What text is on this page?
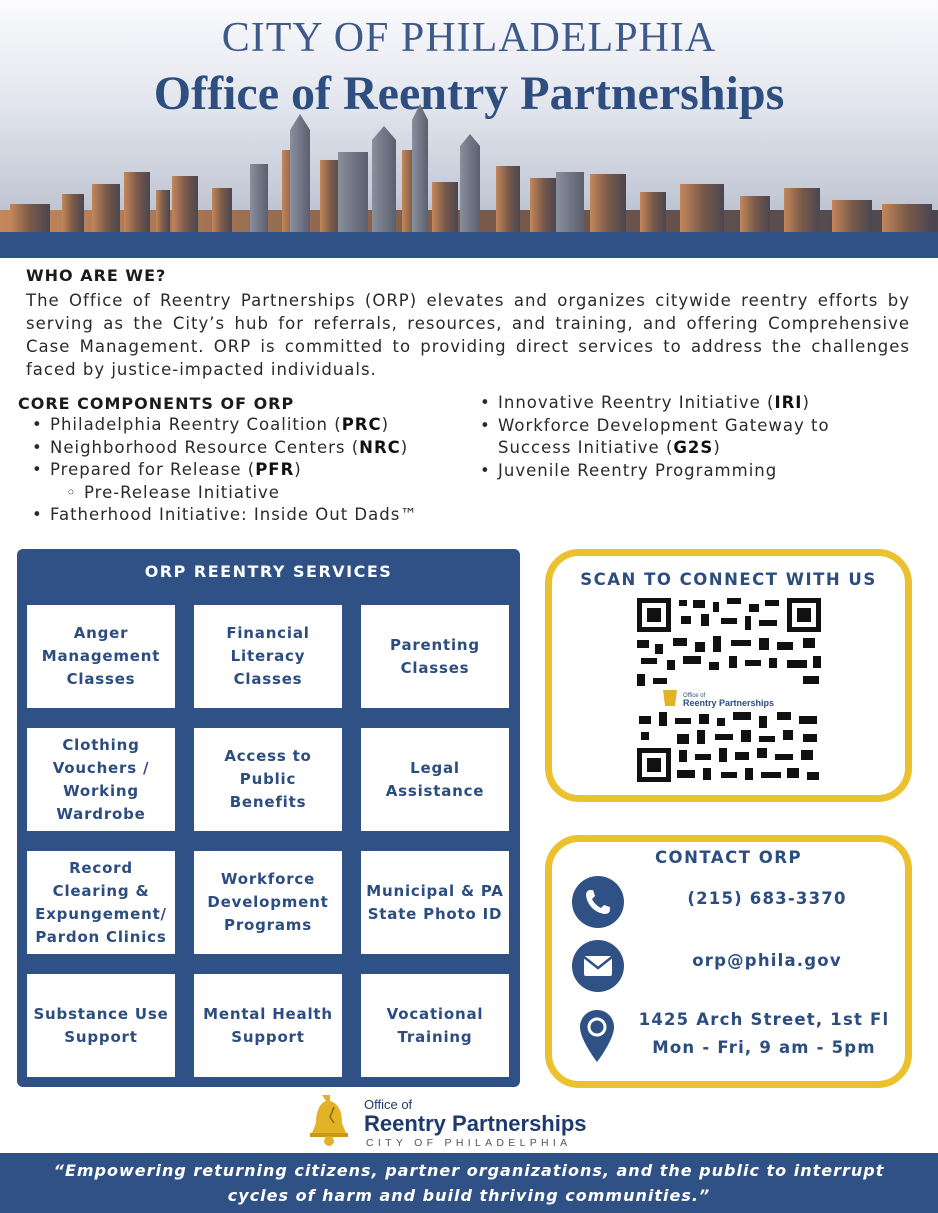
CITY OF PHILADELPHIA
Office of Reentry Partnerships
WHO ARE WE?
The Office of Reentry Partnerships (ORP) elevates and organizes citywide reentry efforts by serving as the City’s hub for referrals, resources, and training, and offering Comprehensive Case Management. ORP is committed to providing direct services to address the challenges faced by justice-impacted individuals.
CORE COMPONENTS OF ORP
• Philadelphia Reentry Coalition (PRC)
• Neighborhood Resource Centers (NRC)
• Prepared for Release (PFR)
◦ Pre-Release Initiative
• Fatherhood Initiative: Inside Out Dads™
• Innovative Reentry Initiative (IRI)
• Workforce Development Gateway to
Success Initiative (G2S)
• Juvenile Reentry Programming
ORP REENTRY SERVICES
Anger Management Classes
Financial Literacy Classes
Parenting Classes
Clothing Vouchers / Working Wardrobe
Access to Public Benefits
Legal Assistance
Record Clearing & Expungement/ Pardon Clinics
Workforce Development Programs
Municipal & PA State Photo ID
Substance Use Support
Mental Health Support
Vocational Training
SCAN TO CONNECT WITH US
Office of
Reentry Partnerships
CONTACT ORP
(215) 683-3370
orp@phila.gov
1425 Arch Street, 1st Fl
Mon - Fri, 9 am - 5pm
Office of
Reentry Partnerships
CITY OF PHILADELPHIA
“Empowering returning citizens, partner organizations, and the public to interrupt
cycles of harm and build thriving communities.”
